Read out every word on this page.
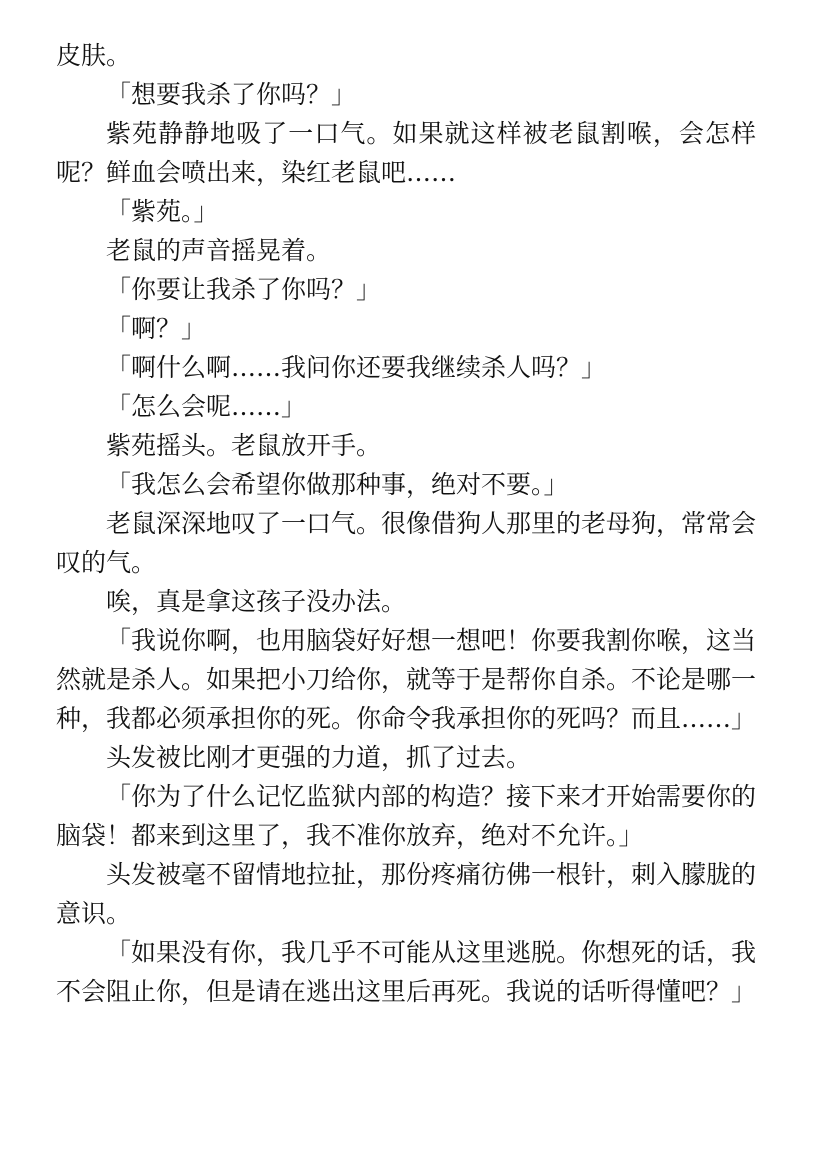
皮肤。

「想要我杀了你吗？」

紫苑静静地吸了一口气。如果就这样被老鼠割喉，会怎样呢？鲜血会喷出来，染红老鼠吧……

「紫苑。」

老鼠的声音摇晃着。

「你要让我杀了你吗？」

「啊？」

「啊什么啊……我问你还要我继续杀人吗？」

「怎么会呢……」

紫苑摇头。老鼠放开手。

「我怎么会希望你做那种事，绝对不要。」

老鼠深深地叹了一口气。很像借狗人那里的老母狗，常常会叹的气。

唉，真是拿这孩子没办法。

「我说你啊，也用脑袋好好想一想吧！你要我割你喉，这当然就是杀人。如果把小刀给你，就等于是帮你自杀。不论是哪一种，我都必须承担你的死。你命令我承担你的死吗？而且……」

头发被比刚才更强的力道，抓了过去。

「你为了什么记忆监狱内部的构造？接下来才开始需要你的脑袋！都来到这里了，我不准你放弃，绝对不允许。」

头发被毫不留情地拉扯，那份疼痛彷佛一根针，刺入朦胧的意识。

「如果没有你，我几乎不可能从这里逃脱。你想死的话，我不会阻止你，但是请在逃出这里后再死。我说的话听得懂吧？」
